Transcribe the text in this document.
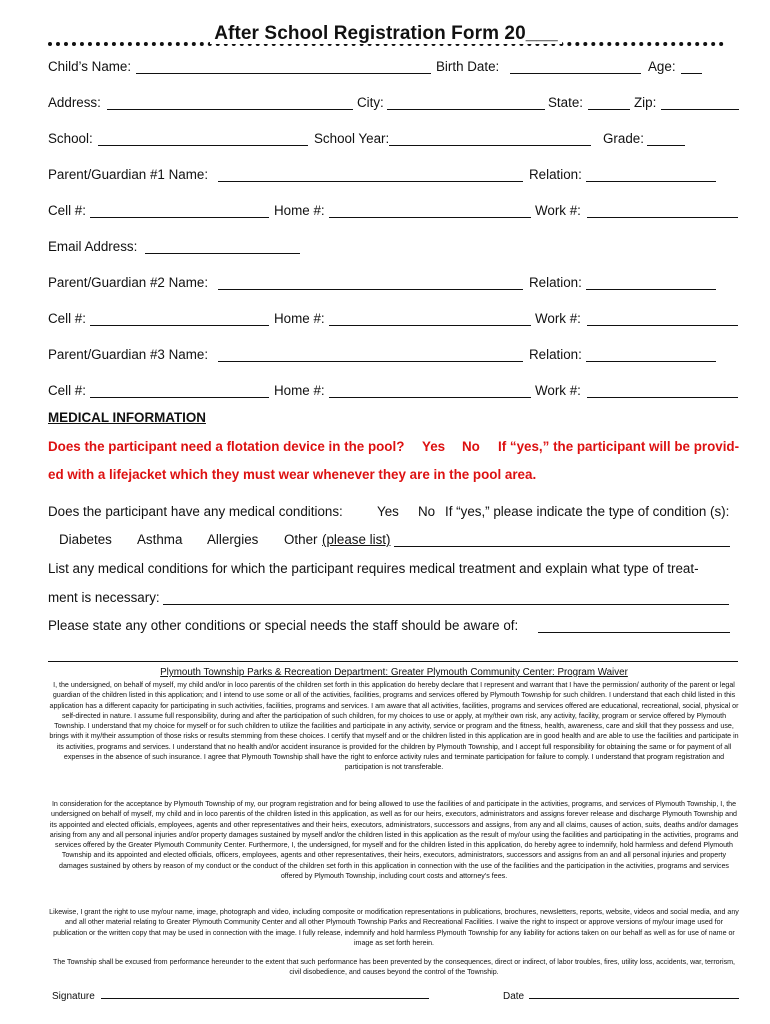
After School Registration Form 20___
Child’s Name:	Birth Date:	Age:
Address:	City:	State:	Zip:
School:	School Year:	Grade:
Parent/Guardian #1 Name:	Relation:
Cell #:	Home #:	Work #:
Email Address:
Parent/Guardian #2 Name:	Relation:
Cell #:	Home #:	Work #:
Parent/Guardian #3 Name:	Relation:
Cell #:	Home #:	Work #:
MEDICAL INFORMATION
Does the participant need a flotation device in the pool? Yes No If “yes,” the participant will be provid-
ed with a lifejacket which they must wear whenever they are in the pool area.
Does the participant have any medical conditions:	Yes No If “yes,” please indicate the type of condition (s):
Diabetes Asthma Allergies Other (please list)
List any medical conditions for which the participant requires medical treatment and explain what type of treat-
ment is necessary:
Please state any other conditions or special needs the staff should be aware of:
Plymouth Township Parks & Recreation Department: Greater Plymouth Community Center: Program Waiver
I, the undersigned, on behalf of myself, my child and/or in loco parentis of the children set forth in this application do hereby declare that I represent and warrant that I have the permission/ authority of the parent or legal guardian of the children listed in this application; and I intend to use some or all of the activities, facilities, programs and services offered by Plymouth Township for such children. I understand that each child listed in this application has a different capacity for participating in such activities, facilities, programs and services. I am aware that all activities, facilities, programs and services offered are educational, recreational, social, physical or self-directed in nature. I assume full responsibility, during and after the participation of such children, for my choices to use or apply, at my/their own risk, any activity, facility, program or service offered by Plymouth Township. I understand that my choice for myself or for such children to utilize the facilities and participate in any activity, service or program and the fitness, health, awareness, care and skill that they possess and use, brings with it my/their assumption of those risks or results stemming from these choices. I certify that myself and or the children listed in this application are in good health and are able to use the facilities and participate in its activities, programs and services. I understand that no health and/or accident insurance is provided for the children by Plymouth Township, and I accept full responsibility for obtaining the same or for payment of all expenses in the absence of such insurance. I agree that Plymouth Township shall have the right to enforce activity rules and terminate participation for failure to comply. I understand that program registration and participation is not transferable.
In consideration for the acceptance by Plymouth Township of my, our program registration and for being allowed to use the facilities of and participate in the activities, programs, and services of Plymouth Township, I, the undersigned on behalf of myself, my child and in loco parentis of the children listed in this application, as well as for our heirs, executors, administrators and assigns forever release and discharge Plymouth Township and its appointed and elected officials, employees, agents and other representatives and their heirs, executors, administrators, successors and assigns, from any and all claims, causes of action, suits, deaths and/or damages arising from any and all personal injuries and/or property damages sustained by myself and/or the children listed in this application as the result of my/our using the facilities and participating in the activities, programs and services offered by the Greater Plymouth Community Center. Furthermore, I, the undersigned, for myself and for the children listed in this application, do hereby agree to indemnify, hold harmless and defend Plymouth Township and its appointed and elected officials, officers, employees, agents and other representatives, their heirs, executors, administrators, successors and assigns from an and all personal injuries and property damages sustained by others by reason of my conduct or the conduct of the children set forth in this application in connection with the use of the facilities and the participation in the activities, programs and services offered by Plymouth Township, including court costs and attorney’s fees.
Likewise, I grant the right to use my/our name, image, photograph and video, including composite or modification representations in publications, brochures, newsletters, reports, website, videos and social media, and any and all other material relating to Greater Plymouth Community Center and all other Plymouth Township Parks and Recreational Facilities. I waive the right to inspect or approve versions of my/our image used for publication or the written copy that may be used in connection with the image. I fully release, indemnify and hold harmless Plymouth Township for any liability for actions taken on our behalf as well as for use of name or image as set forth herein.
The Township shall be excused from performance hereunder to the extent that such performance has been prevented by the consequences, direct or indirect, of labor troubles, fires, utility loss, accidents, war, terrorism, civil disobedience, and causes beyond the control of the Township.
Signature	Date
